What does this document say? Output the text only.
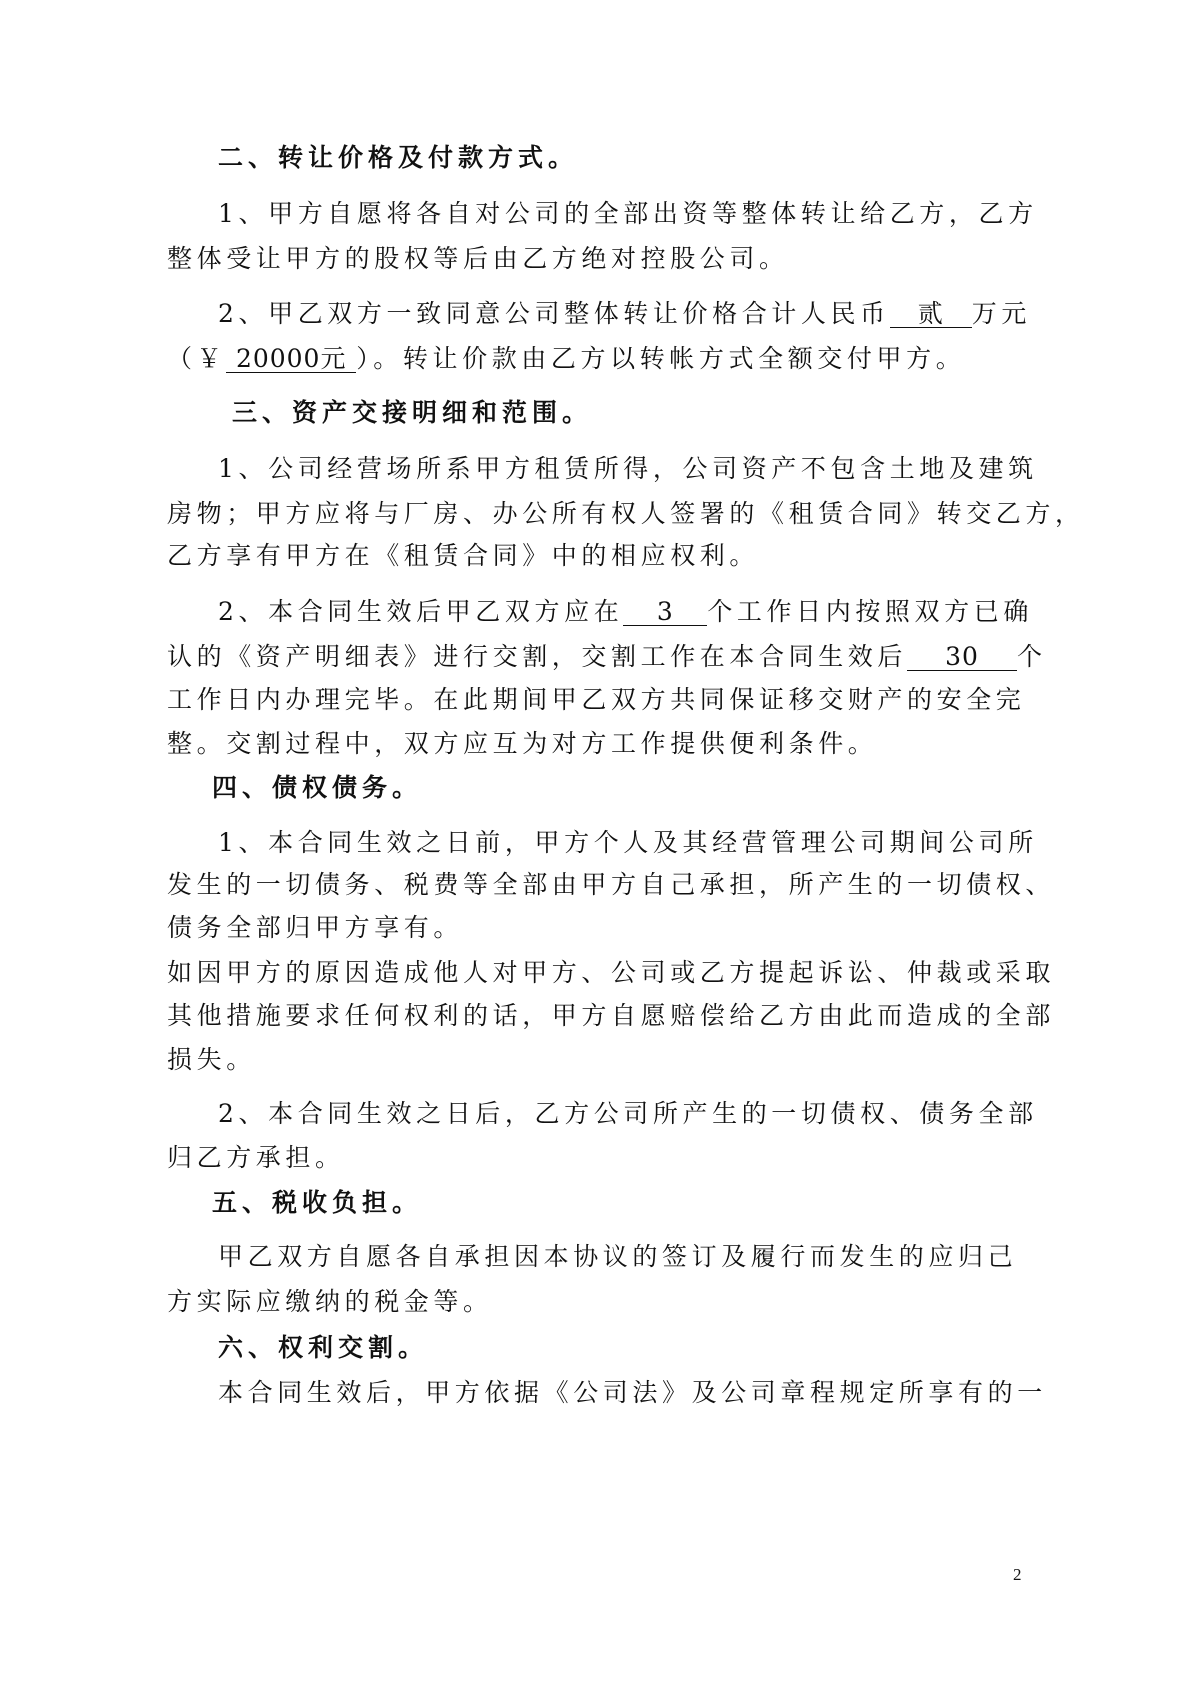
二、转让价格及付款方式。
1、甲方自愿将各自对公司的全部出资等整体转让给乙方，乙方
整体受让甲方的股权等后由乙方绝对控股公司。
2、甲乙双方一致同意公司整体转让价格合计人民币 贰 万元
（￥ 20000元 ）。转让价款由乙方以转帐方式全额交付甲方。
三、资产交接明细和范围。
1、公司经营场所系甲方租赁所得，公司资产不包含土地及建筑
房物；甲方应将与厂房、办公所有权人签署的《租赁合同》转交乙方，
乙方享有甲方在《租赁合同》中的相应权利。
2、本合同生效后甲乙双方应在 3 个工作日内按照双方已确
认的《资产明细表》进行交割，交割工作在本合同生效后 30 个
工作日内办理完毕。在此期间甲乙双方共同保证移交财产的安全完
整。交割过程中，双方应互为对方工作提供便利条件。
四、债权债务。
1、本合同生效之日前，甲方个人及其经营管理公司期间公司所
发生的一切债务、税费等全部由甲方自己承担，所产生的一切债权、
债务全部归甲方享有。
如因甲方的原因造成他人对甲方、公司或乙方提起诉讼、仲裁或采取
其他措施要求任何权利的话，甲方自愿赔偿给乙方由此而造成的全部
损失。
2、本合同生效之日后，乙方公司所产生的一切债权、债务全部
归乙方承担。
五、税收负担。
甲乙双方自愿各自承担因本协议的签订及履行而发生的应归己
方实际应缴纳的税金等。
六、权利交割。
本合同生效后，甲方依据《公司法》及公司章程规定所享有的一
2
